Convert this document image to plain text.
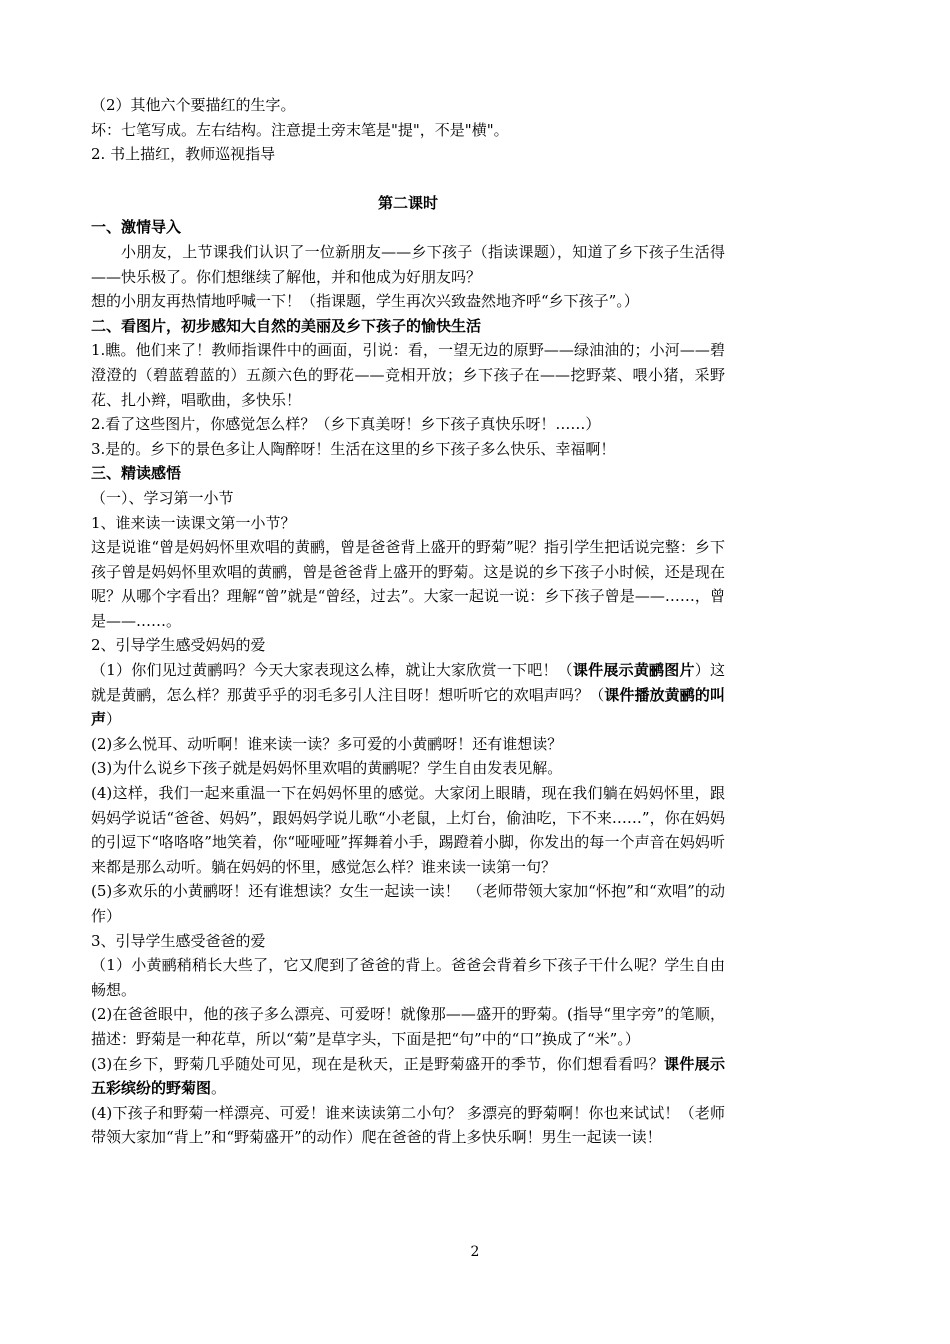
（2）其他六个要描红的生字。

坏：七笔写成。左右结构。注意提土旁末笔是"提"，不是"横"。

2. 书上描红，教师巡视指导

第二课时

一、激情导入

小朋友，上节课我们认识了一位新朋友——乡下孩子（指读课题），知道了乡下孩子生活得——快乐极了。你们想继续了解他，并和他成为好朋友吗？

想的小朋友再热情地呼喊一下！（指课题，学生再次兴致盎然地齐呼“乡下孩子”。）

二、看图片，初步感知大自然的美丽及乡下孩子的愉快生活

1.瞧。他们来了！教师指课件中的画面，引说：看，一望无边的原野——绿油油的；小河——碧澄澄的（碧蓝碧蓝的）五颜六色的野花——竞相开放；乡下孩子在——挖野菜、喂小猪，采野花、扎小辫，唱歌曲，多快乐！

2.看了这些图片，你感觉怎么样？（乡下真美呀！乡下孩子真快乐呀！……）

3.是的。乡下的景色多让人陶醉呀！生活在这里的乡下孩子多么快乐、幸福啊！

三、精读感悟

（一）、学习第一小节

1、谁来读一读课文第一小节？

这是说谁“曾是妈妈怀里欢唱的黄鹂，曾是爸爸背上盛开的野菊”呢？指引学生把话说完整：乡下孩子曾是妈妈怀里欢唱的黄鹂，曾是爸爸背上盛开的野菊。这是说的乡下孩子小时候，还是现在呢？从哪个字看出？理解“曾”就是“曾经，过去”。大家一起说一说：乡下孩子曾是——……，曾是——……。

2、引导学生感受妈妈的爱

（1）你们见过黄鹂吗？今天大家表现这么棒，就让大家欣赏一下吧！（课件展示黄鹂图片）这就是黄鹂，怎么样？那黄乎乎的羽毛多引人注目呀！想听听它的欢唱声吗？（课件播放黄鹂的叫声）

(2)多么悦耳、动听啊！谁来读一读？多可爱的小黄鹂呀！还有谁想读？

(3)为什么说乡下孩子就是妈妈怀里欢唱的黄鹂呢？学生自由发表见解。

(4)这样，我们一起来重温一下在妈妈怀里的感觉。大家闭上眼睛，现在我们躺在妈妈怀里，跟妈妈学说话“爸爸、妈妈”，跟妈妈学说儿歌“小老鼠，上灯台，偷油吃，下不来……”，你在妈妈的引逗下“咯咯咯”地笑着，你“哑哑哑”挥舞着小手，踢蹬着小脚，你发出的每一个声音在妈妈听来都是那么动听。躺在妈妈的怀里，感觉怎么样？谁来读一读第一句？

(5)多欢乐的小黄鹂呀！还有谁想读？女生一起读一读！　（老师带领大家加“怀抱”和“欢唱”的动作）

3、引导学生感受爸爸的爱

（1）小黄鹂稍稍长大些了，它又爬到了爸爸的背上。爸爸会背着乡下孩子干什么呢？学生自由畅想。

(2)在爸爸眼中，他的孩子多么漂亮、可爱呀！就像那——盛开的野菊。(指导“里字旁”的笔顺，描述：野菊是一种花草，所以“菊”是草字头，下面是把“句”中的“口”换成了“米”。）

(3)在乡下，野菊几乎随处可见，现在是秋天，正是野菊盛开的季节，你们想看看吗？课件展示五彩缤纷的野菊图。

(4)下孩子和野菊一样漂亮、可爱！谁来读读第二小句？ 多漂亮的野菊啊！你也来试试！（老师带领大家加“背上”和“野菊盛开”的动作）爬在爸爸的背上多快乐啊！男生一起读一读！

2
